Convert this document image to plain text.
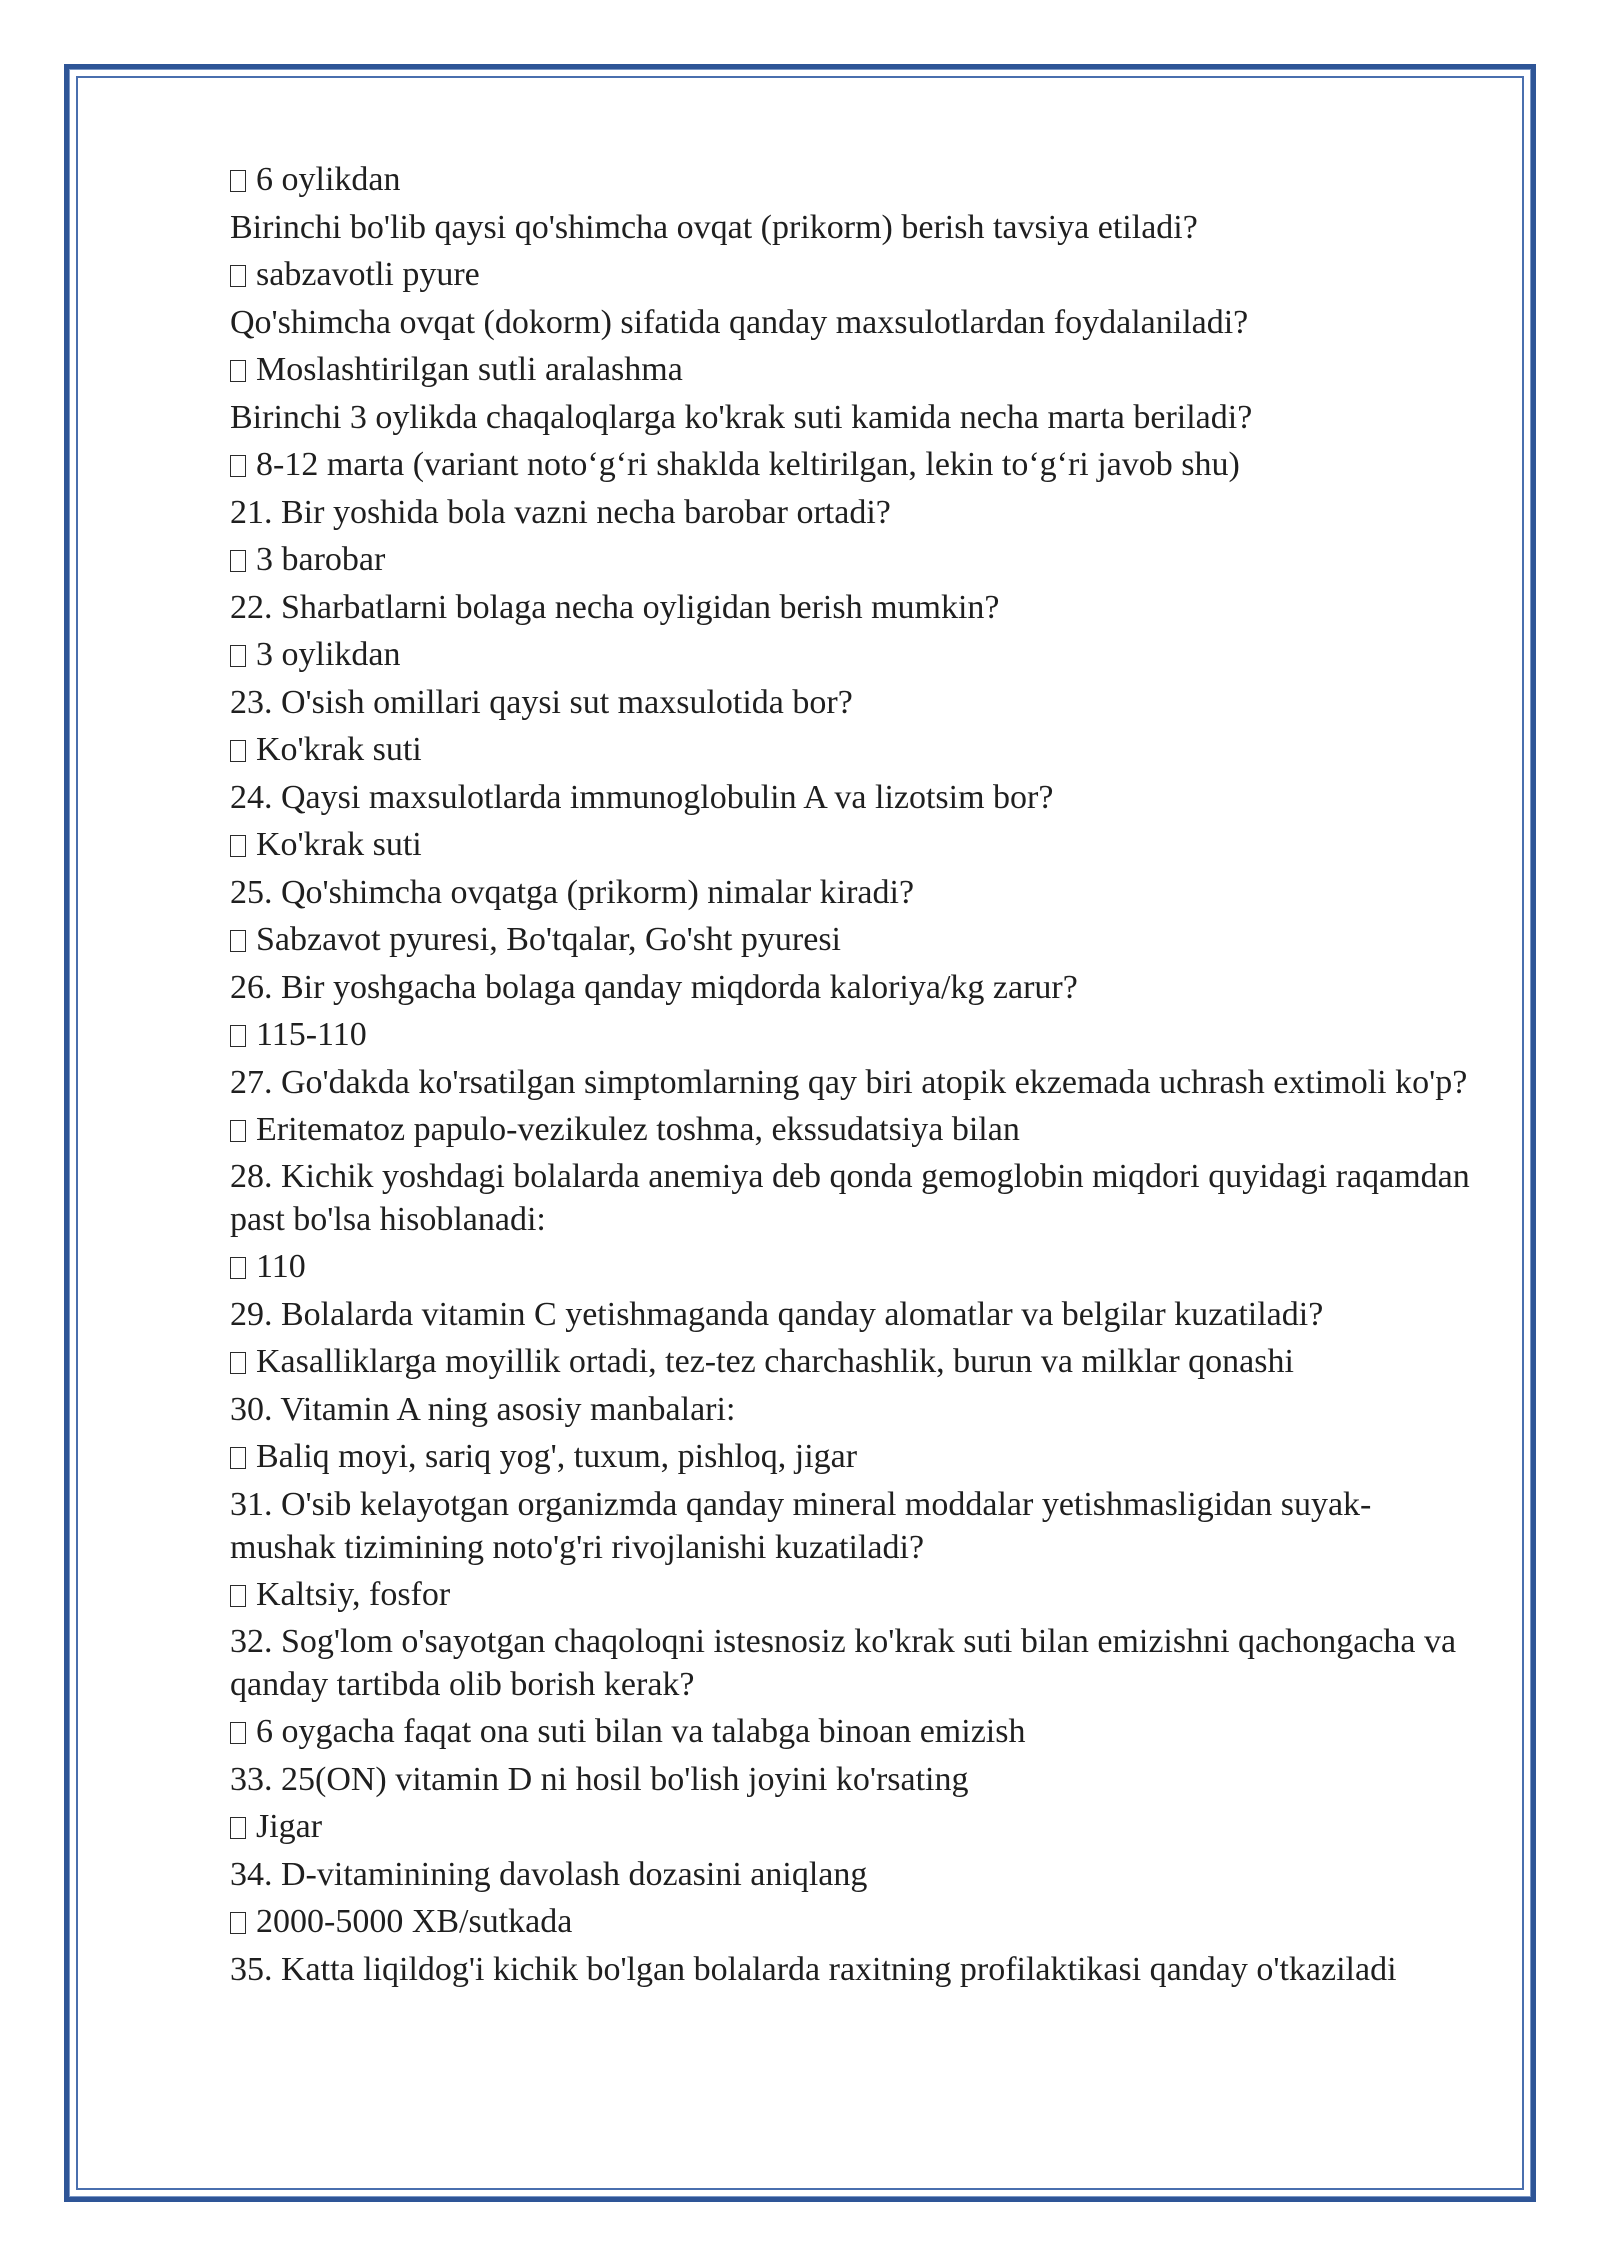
6 oylikdan

Birinchi bo'lib qaysi qo'shimcha ovqat (prikorm) berish tavsiya etiladi?

sabzavotli pyure

Qo'shimcha ovqat (dokorm) sifatida qanday maxsulotlardan foydalaniladi?

Moslashtirilgan sutli aralashma

Birinchi 3 oylikda chaqaloqlarga ko'krak suti kamida necha marta beriladi?

8-12 marta (variant noto‘g‘ri shaklda keltirilgan, lekin to‘g‘ri javob shu)

21. Bir yoshida bola vazni necha barobar ortadi?

3 barobar

22. Sharbatlarni bolaga necha oyligidan berish mumkin?

3 oylikdan

23. O'sish omillari qaysi sut maxsulotida bor?

Ko'krak suti

24. Qaysi maxsulotlarda immunoglobulin A va lizotsim bor?

Ko'krak suti

25. Qo'shimcha ovqatga (prikorm) nimalar kiradi?

Sabzavot pyuresi, Bo'tqalar, Go'sht pyuresi

26. Bir yoshgacha bolaga qanday miqdorda kaloriya/kg zarur?

115-110

27. Go'dakda ko'rsatilgan simptomlarning qay biri atopik ekzemada uchrash extimoli ko'p?

Eritematoz papulo-vezikulez toshma, ekssudatsiya bilan

28. Kichik yoshdagi bolalarda anemiya deb qonda gemoglobin miqdori quyidagi raqamdan past bo'lsa hisoblanadi:

110

29. Bolalarda vitamin C yetishmaganda qanday alomatlar va belgilar kuzatiladi?

Kasalliklarga moyillik ortadi, tez-tez charchashlik, burun va milklar qonashi

30. Vitamin A ning asosiy manbalari:

Baliq moyi, sariq yog', tuxum, pishloq, jigar

31. O'sib kelayotgan organizmda qanday mineral moddalar yetishmasligidan suyak-mushak tizimining noto'g'ri rivojlanishi kuzatiladi?

Kaltsiy, fosfor

32. Sog'lom o'sayotgan chaqoloqni istesnosiz ko'krak suti bilan emizishni qachongacha va qanday tartibda olib borish kerak?

6 oygacha faqat ona suti bilan va talabga binoan emizish

33. 25(ON) vitamin D ni hosil bo'lish joyini ko'rsating

Jigar

34. D-vitaminining davolash dozasini aniqlang

2000-5000 XB/sutkada

35. Katta liqildog'i kichik bo'lgan bolalarda raxitning profilaktikasi qanday o'tkaziladi
